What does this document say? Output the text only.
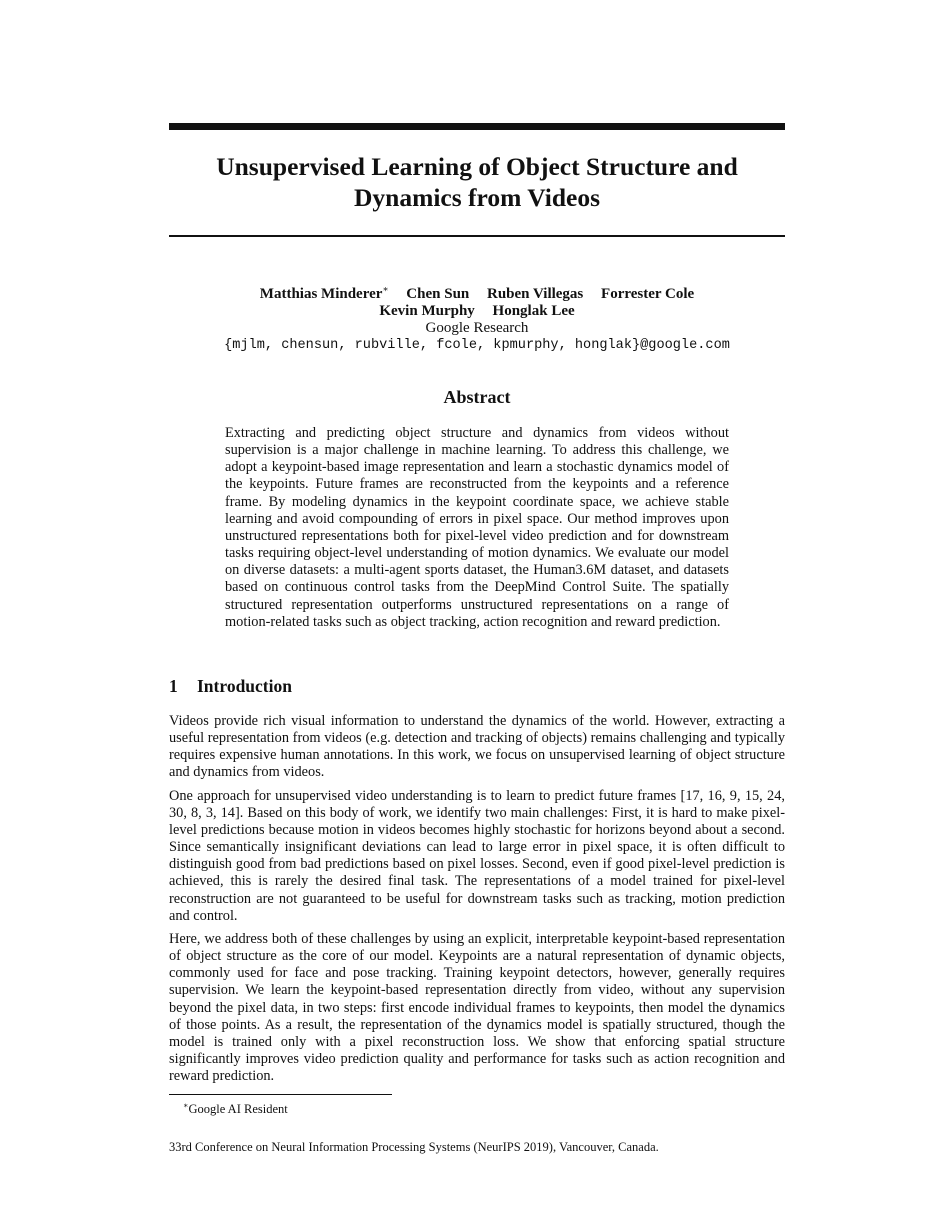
Unsupervised Learning of Object Structure and Dynamics from Videos
Matthias Minderer∗ Chen Sun Ruben Villegas Forrester Cole
Kevin Murphy Honglak Lee
Google Research
{mjlm, chensun, rubville, fcole, kpmurphy, honglak}@google.com
Abstract

Extracting and predicting object structure and dynamics from videos without supervision is a major challenge in machine learning. To address this challenge, we adopt a keypoint-based image representation and learn a stochastic dynamics model of the keypoints. Future frames are reconstructed from the keypoints and a reference frame. By modeling dynamics in the keypoint coordinate space, we achieve stable learning and avoid compounding of errors in pixel space. Our method improves upon unstructured representations both for pixel-level video prediction and for downstream tasks requiring object-level understanding of motion dynamics. We evaluate our model on diverse datasets: a multi-agent sports dataset, the Human3.6M dataset, and datasets based on continuous control tasks from the DeepMind Control Suite. The spatially structured representation outperforms unstructured representations on a range of motion-related tasks such as object tracking, action recognition and reward prediction.

1 Introduction

Videos provide rich visual information to understand the dynamics of the world. However, extracting a useful representation from videos (e.g. detection and tracking of objects) remains challenging and typically requires expensive human annotations. In this work, we focus on unsupervised learning of object structure and dynamics from videos.

One approach for unsupervised video understanding is to learn to predict future frames [17, 16, 9, 15, 24, 30, 8, 3, 14]. Based on this body of work, we identify two main challenges: First, it is hard to make pixel-level predictions because motion in videos becomes highly stochastic for horizons beyond about a second. Since semantically insignificant deviations can lead to large error in pixel space, it is often difficult to distinguish good from bad predictions based on pixel losses. Second, even if good pixel-level prediction is achieved, this is rarely the desired final task. The representations of a model trained for pixel-level reconstruction are not guaranteed to be useful for downstream tasks such as tracking, motion prediction and control.

Here, we address both of these challenges by using an explicit, interpretable keypoint-based representation of object structure as the core of our model. Keypoints are a natural representation of dynamic objects, commonly used for face and pose tracking. Training keypoint detectors, however, generally requires supervision. We learn the keypoint-based representation directly from video, without any supervision beyond the pixel data, in two steps: first encode individual frames to keypoints, then model the dynamics of those points. As a result, the representation of the dynamics model is spatially structured, though the model is trained only with a pixel reconstruction loss. We show that enforcing spatial structure significantly improves video prediction quality and performance for tasks such as action recognition and reward prediction.

∗Google AI Resident
33rd Conference on Neural Information Processing Systems (NeurIPS 2019), Vancouver, Canada.
